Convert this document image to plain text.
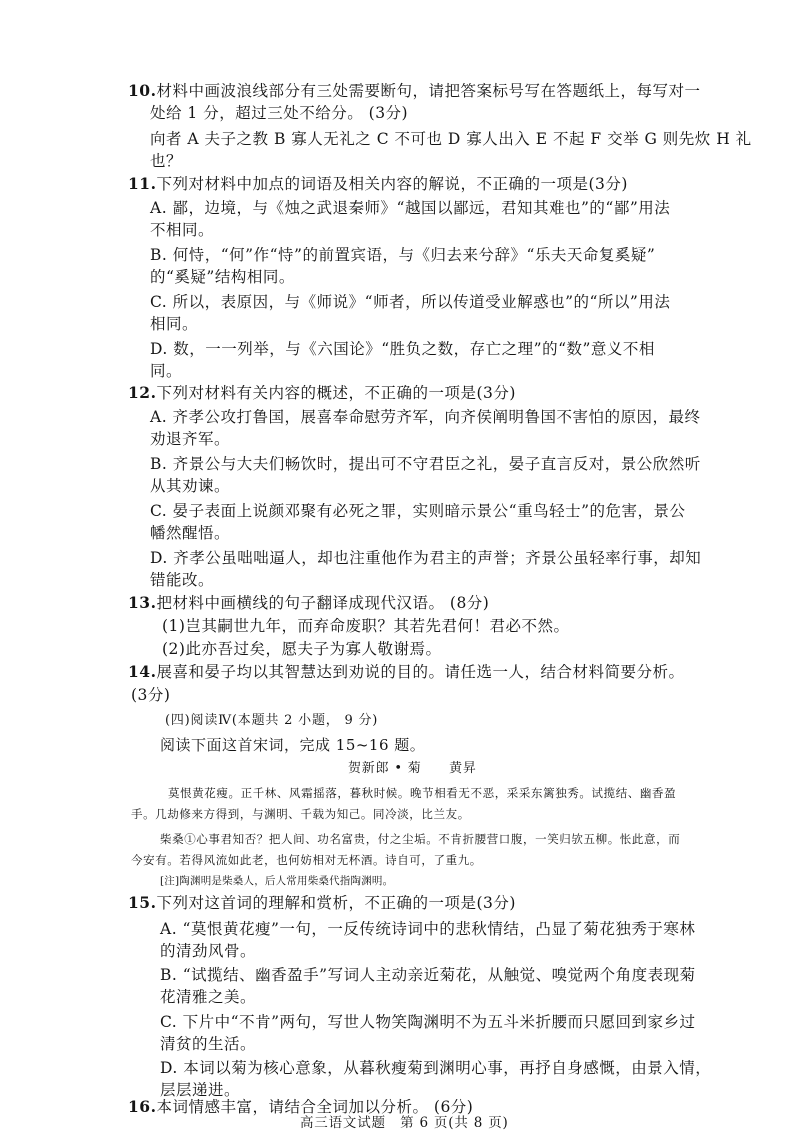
10.材料中画波浪线部分有三处需要断句，请把答案标号写在答题纸上，每写对一

处给 1 分，超过三处不给分。 (3分)

向者 A 夫子之教 B 寡人无礼之 C 不可也 D 寡人出入 E 不起 F 交举 G 则先炊 H 礼

也？

11.下列对材料中加点的词语及相关内容的解说，不正确的一项是(3分)

A. 鄙，边境，与《烛之武退秦师》“越国以鄙远，君知其难也”的“鄙”用法

不相同。

B. 何恃，“何”作“恃”的前置宾语，与《归去来兮辞》“乐夫天命复奚疑”

的“奚疑”结构相同。

C. 所以，表原因，与《师说》“师者，所以传道受业解惑也”的“所以”用法

相同。

D. 数，一一列举，与《六国论》“胜负之数，存亡之理”的“数”意义不相

同。

12.下列对材料有关内容的概述，不正确的一项是(3分)

A. 齐孝公攻打鲁国，展喜奉命慰劳齐军，向齐侯阐明鲁国不害怕的原因，最终

劝退齐军。

B. 齐景公与大夫们畅饮时，提出可不守君臣之礼，晏子直言反对，景公欣然听

从其劝谏。

C. 晏子表面上说颜邓聚有必死之罪，实则暗示景公“重鸟轻士”的危害，景公

幡然醒悟。

D. 齐孝公虽咄咄逼人，却也注重他作为君主的声誉；齐景公虽轻率行事，却知

错能改。

13.把材料中画横线的句子翻译成现代汉语。 (8分)

(1)岂其嗣世九年，而弃命废职？其若先君何！君必不然。

(2)此亦吾过矣，愿夫子为寡人敬谢焉。

14.展喜和晏子均以其智慧达到劝说的目的。请任选一人，结合材料简要分析。

(3分)

(四)阅读Ⅳ(本题共 2 小题， 9 分)

阅读下面这首宋词，完成 15~16 题。

贺新郎 • 菊　　黄昇

莫恨黄花瘦。正千林、风霜摇落，暮秋时候。晚节相看无不恶，采采东篱独秀。试揽结、幽香盈

手。几劫修来方得到，与渊明、千载为知己。同冷淡，比兰友。

柴桑①心事君知否？把人间、功名富贵，付之尘垢。不肯折腰营口腹，一笑归欤五柳。怅此意，而

今安有。若得风流如此老，也何妨相对无杯酒。诗自可，了重九。

[注]陶渊明是柴桑人，后人常用柴桑代指陶渊明。

15.下列对这首词的理解和赏析，不正确的一项是(3分)

A. “莫恨黄花瘦”一句，一反传统诗词中的悲秋情结，凸显了菊花独秀于寒林

的清劲风骨。

B. “试揽结、幽香盈手”写词人主动亲近菊花，从触觉、嗅觉两个角度表现菊

花清雅之美。

C. 下片中“不肯”两句，写世人物笑陶渊明不为五斗米折腰而只愿回到家乡过

清贫的生活。

D. 本词以菊为核心意象，从暮秋瘦菊到渊明心事，再抒自身感慨，由景入情，

层层递进。

16.本词情感丰富，请结合全词加以分析。 (6分)

高三语文试题　第 6 页(共 8 页)
